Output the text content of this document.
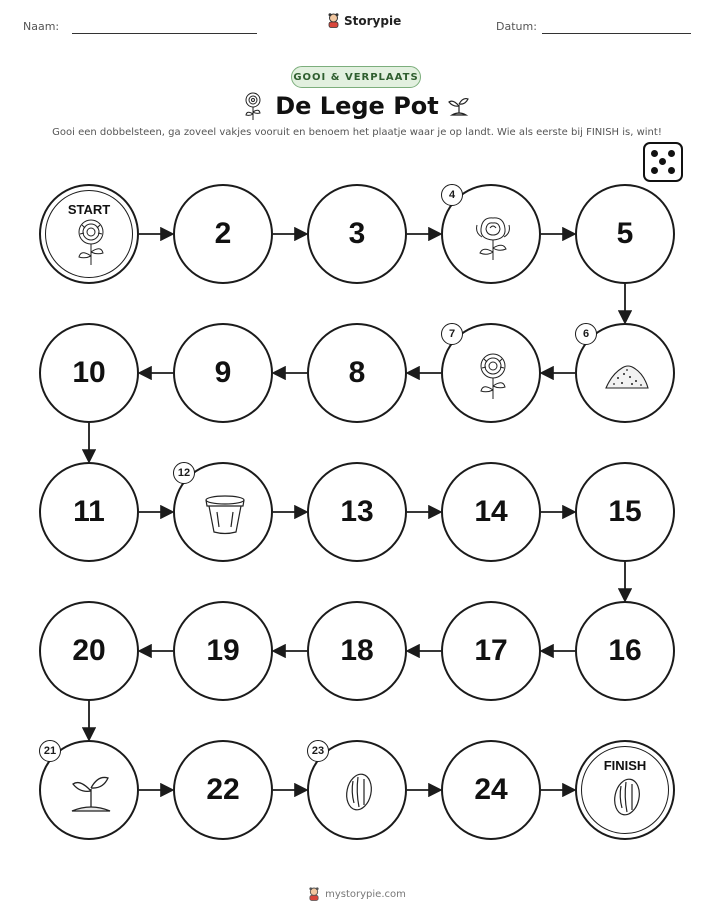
Naam:	Storypie	Datum:
GOOI & VERPLAATS
De Lege Pot
Gooi een dobbelsteen, ga zoveel vakjes vooruit en benoem het plaatje waar je op landt. Wie als eerste bij FINISH is, wint!
START
2	3
4
5
6
7
8
9
10
11
12
13	14	15
16
17
18
19
20
21
22
23
24
FINISH
mystorypie.com
